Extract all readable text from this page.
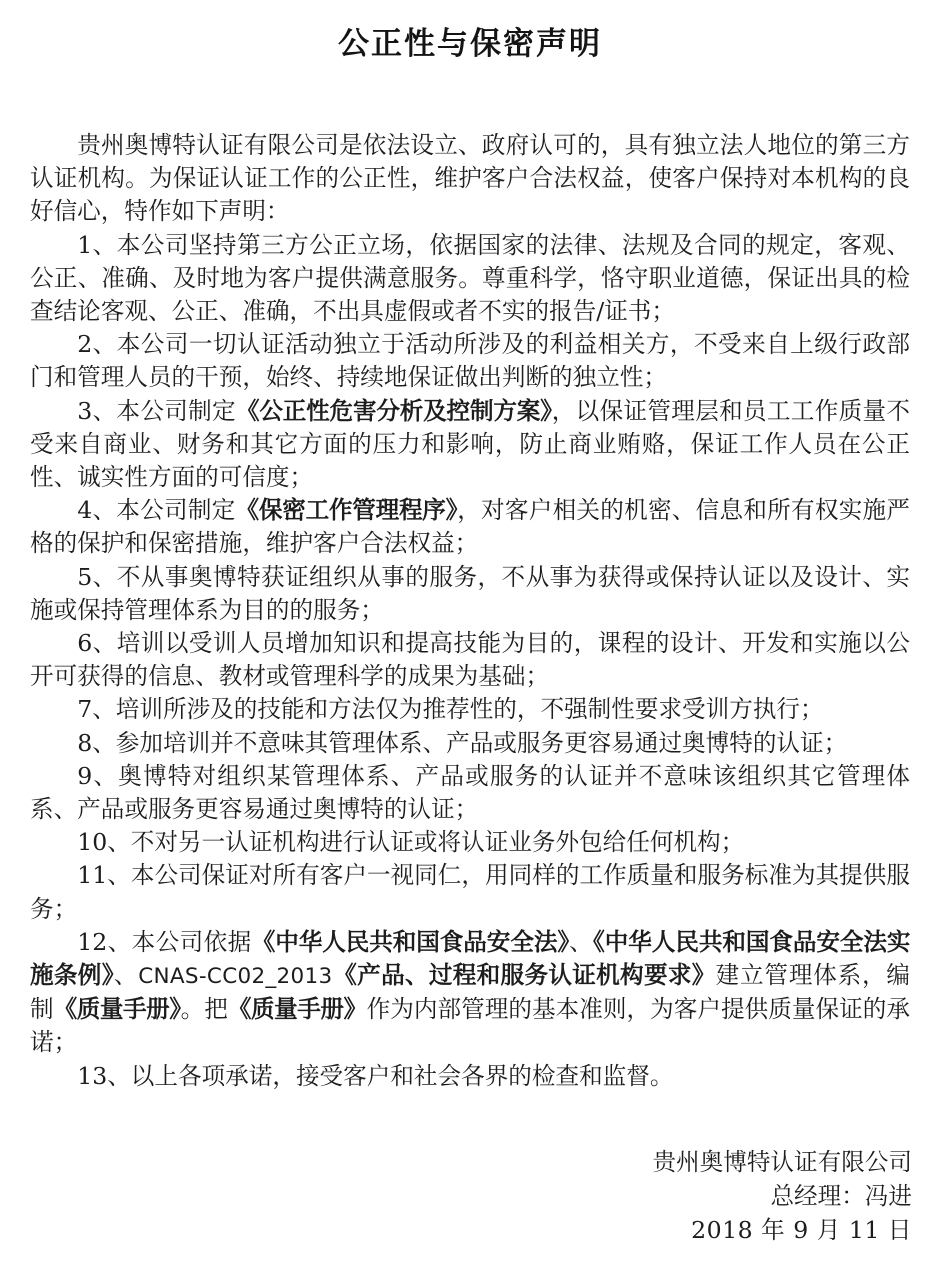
公正性与保密声明

贵州奥博特认证有限公司是依法设立、政府认可的，具有独立法人地位的第三方认证机构。为保证认证工作的公正性，维护客户合法权益，使客户保持对本机构的良好信心，特作如下声明：

1、本公司坚持第三方公正立场，依据国家的法律、法规及合同的规定，客观、公正、准确、及时地为客户提供满意服务。尊重科学，恪守职业道德，保证出具的检查结论客观、公正、准确，不出具虚假或者不实的报告/证书；

2、本公司一切认证活动独立于活动所涉及的利益相关方，不受来自上级行政部门和管理人员的干预，始终、持续地保证做出判断的独立性；

3、本公司制定《公正性危害分析及控制方案》，以保证管理层和员工工作质量不受来自商业、财务和其它方面的压力和影响，防止商业贿赂，保证工作人员在公正性、诚实性方面的可信度；

4、本公司制定《保密工作管理程序》，对客户相关的机密、信息和所有权实施严格的保护和保密措施，维护客户合法权益；

5、不从事奥博特获证组织从事的服务，不从事为获得或保持认证以及设计、实施或保持管理体系为目的的服务；

6、培训以受训人员增加知识和提高技能为目的，课程的设计、开发和实施以公开可获得的信息、教材或管理科学的成果为基础；

7、培训所涉及的技能和方法仅为推荐性的，不强制性要求受训方执行；

8、参加培训并不意味其管理体系、产品或服务更容易通过奥博特的认证；

9、奥博特对组织某管理体系、产品或服务的认证并不意味该组织其它管理体系、产品或服务更容易通过奥博特的认证；

10、不对另一认证机构进行认证或将认证业务外包给任何机构；

11、本公司保证对所有客户一视同仁，用同样的工作质量和服务标准为其提供服务；

12、本公司依据《中华人民共和国食品安全法》、《中华人民共和国食品安全法实施条例》、CNAS-CC02_2013《产品、过程和服务认证机构要求》建立管理体系，编制《质量手册》。把《质量手册》作为内部管理的基本准则，为客户提供质量保证的承诺；

13、以上各项承诺，接受客户和社会各界的检查和监督。

贵州奥博特认证有限公司
总经理：冯进
2018 年 9 月 11 日
